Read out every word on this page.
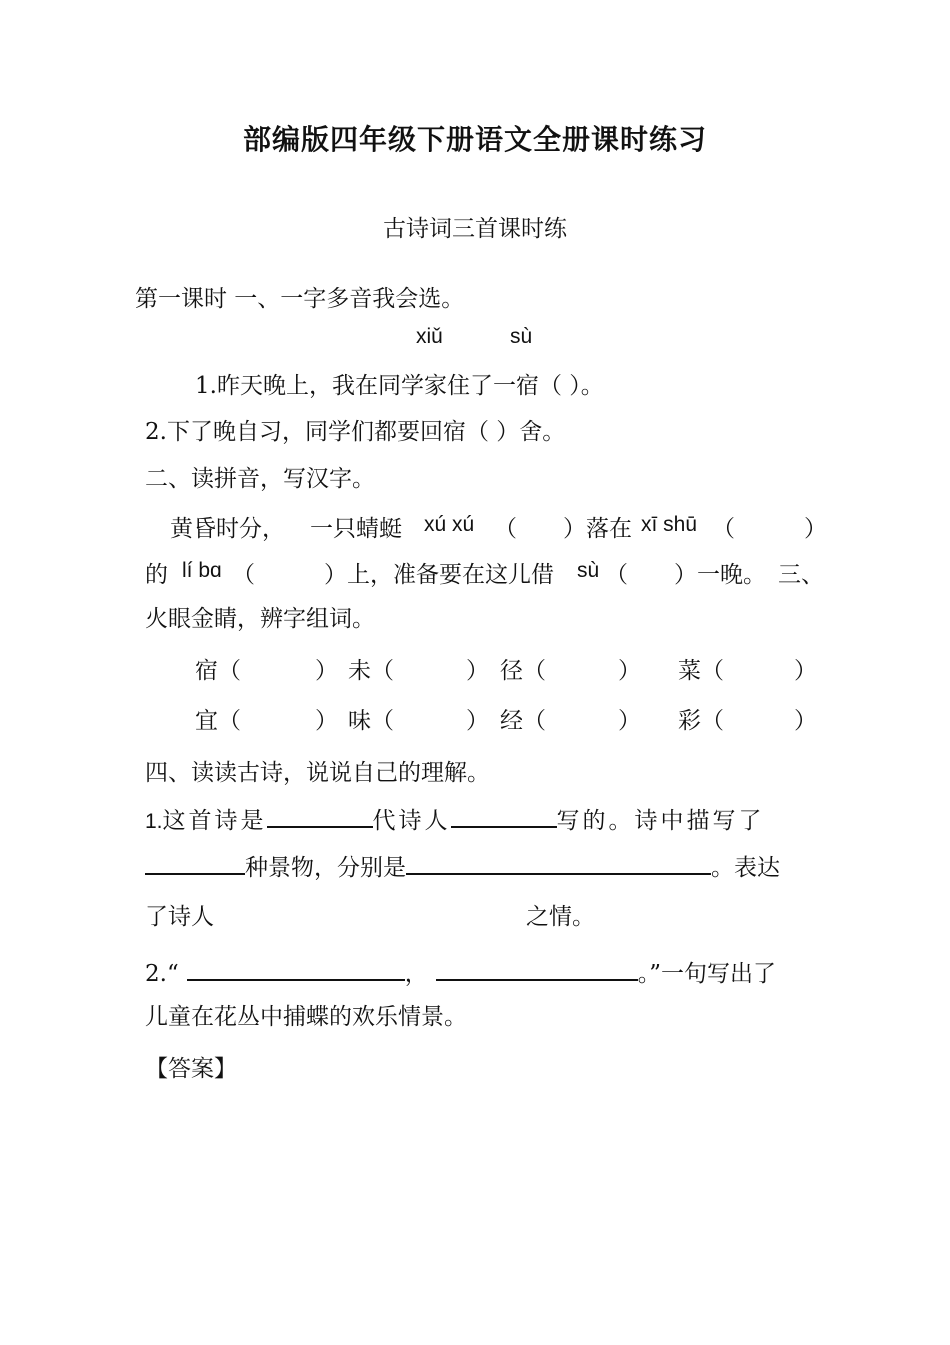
部编版四年级下册语文全册课时练习
古诗词三首课时练
第一课时 一、一字多音我会选。
xiǔ	sù
1.昨天晚上，我在同学家住了一宿（ ）。
2.下了晚自习，同学们都要回宿（ ）舍。
二、读拼音，写汉字。
黄昏时分， 一只蜻蜓 xú xú （　　）落在 xī shū （　　　）
的 lí bɑ （　　　）上，准备要在这儿借 sù （　　）一晚。 三、
火眼金睛，辨字组词。
宿（	） 未（	） 径（	） 菜（	）
宜（	） 味（	） 经（	） 彩（	）
四、读读古诗，说说自己的理解。
1.这首诗是	代诗人	写的。诗中描写了
种景物，分别是	。表达
了诗人	之情。
2.“	，	。”一句写出了
儿童在花丛中捕蝶的欢乐情景。
【答案】
